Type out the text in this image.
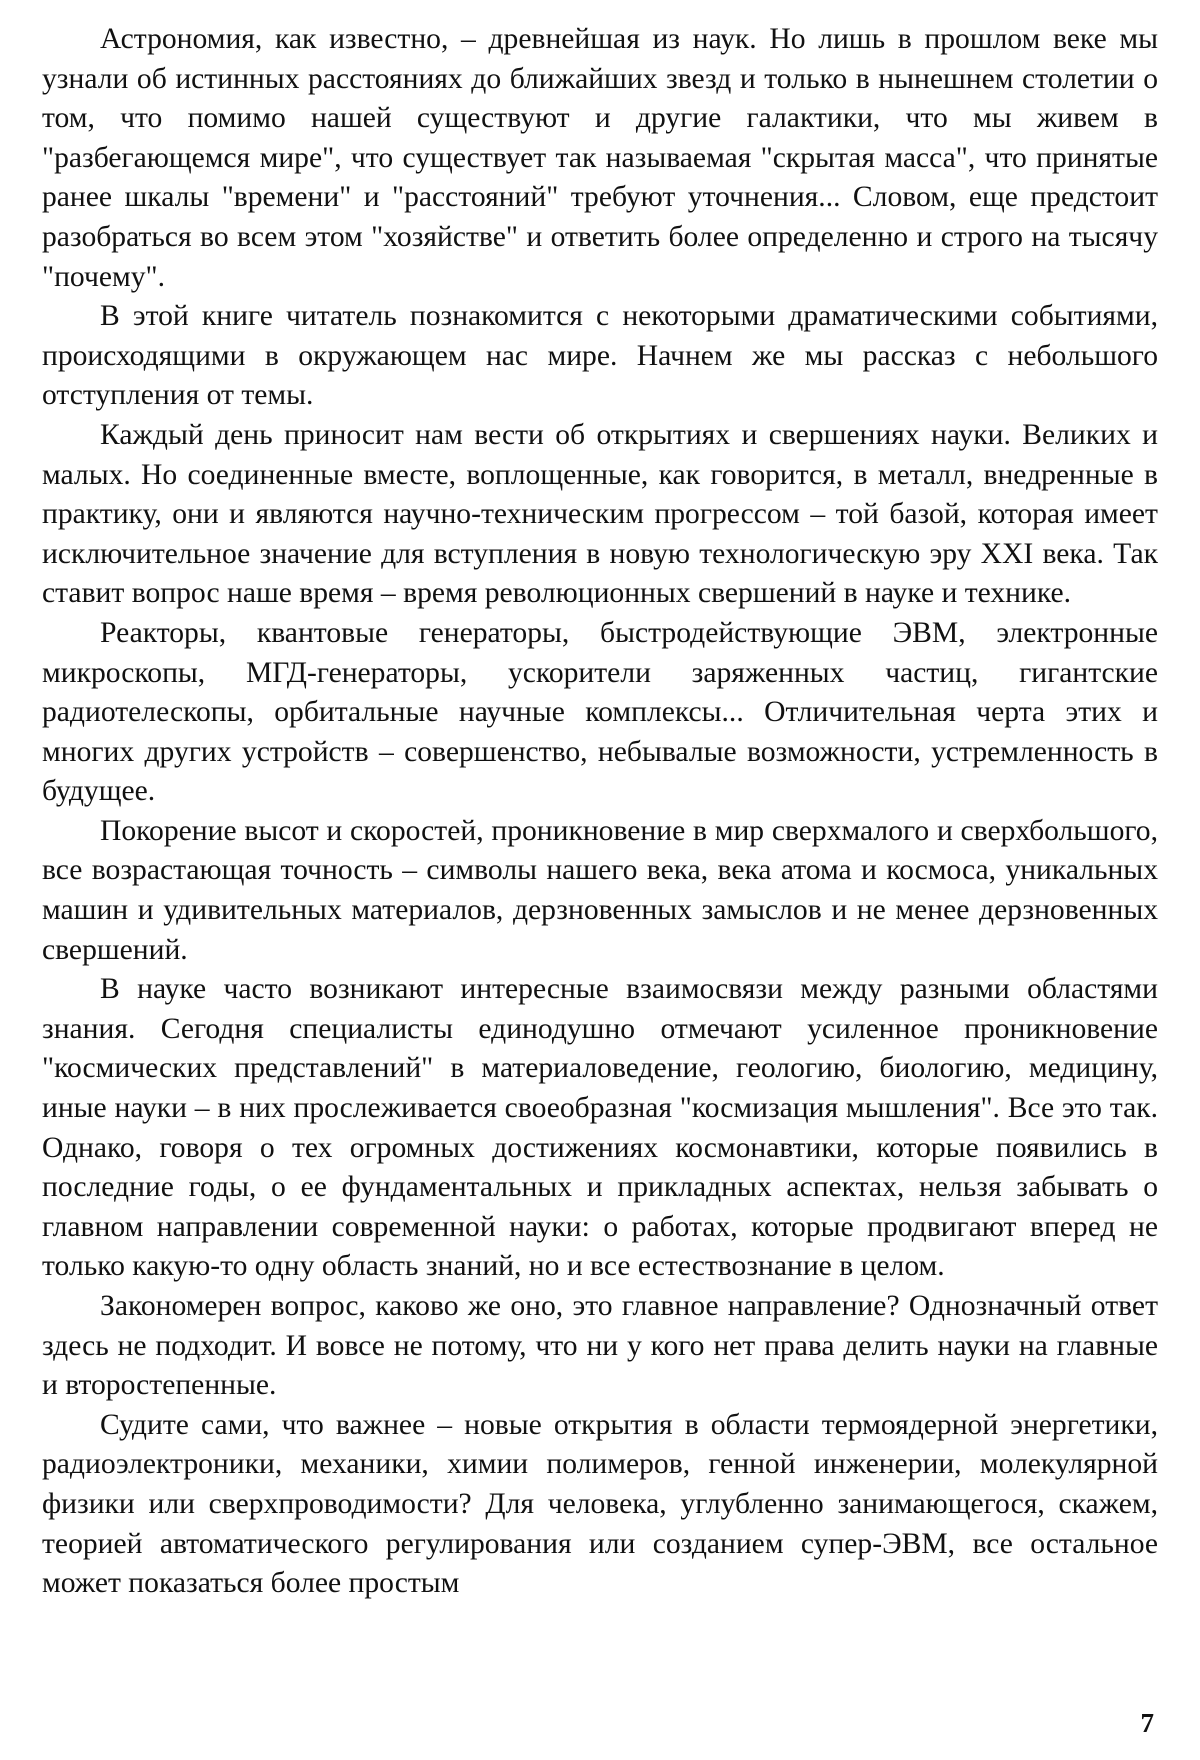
Астрономия, как известно, – древнейшая из наук. Но лишь в прошлом веке мы узнали об истинных расстояниях до ближайших звезд и только в нынешнем столетии о том, что помимо нашей существуют и другие галактики, что мы живем в "разбегающемся мире", что существует так называемая "скрытая масса", что принятые ранее шкалы "времени" и "расстояний" требуют уточнения... Словом, еще предстоит разобраться во всем этом "хозяйстве" и ответить более определенно и строго на тысячу "почему".

В этой книге читатель познакомится с некоторыми драматическими событиями, происходящими в окружающем нас мире. Начнем же мы рассказ с небольшого отступления от темы.

Каждый день приносит нам вести об открытиях и свершениях науки. Великих и малых. Но соединенные вместе, воплощенные, как говорится, в металл, внедренные в практику, они и являются научно-техническим прогрессом – той базой, которая имеет исключительное значение для вступления в новую технологическую эру XXI века. Так ставит вопрос наше время – время революционных свершений в науке и технике.

Реакторы, квантовые генераторы, быстродействующие ЭВМ, электронные микроскопы, МГД-генераторы, ускорители заряженных частиц, гигантские радиотелескопы, орбитальные научные комплексы... Отличительная черта этих и многих других устройств – совершенство, небывалые возможности, устремленность в будущее.

Покорение высот и скоростей, проникновение в мир сверхмалого и сверхбольшого, все возрастающая точность – символы нашего века, века атома и космоса, уникальных машин и удивительных материалов, дерзновенных замыслов и не менее дерзновенных свершений.

В науке часто возникают интересные взаимосвязи между разными областями знания. Сегодня специалисты единодушно отмечают усиленное проникновение "космических представлений" в материаловедение, геологию, биологию, медицину, иные науки – в них прослеживается своеобразная "космизация мышления". Все это так. Однако, говоря о тех огромных достижениях космонавтики, которые появились в последние годы, о ее фундаментальных и прикладных аспектах, нельзя забывать о главном направлении современной науки: о работах, которые продвигают вперед не только какую-то одну область знаний, но и все естествознание в целом.

Закономерен вопрос, каково же оно, это главное направление? Однозначный ответ здесь не подходит. И вовсе не потому, что ни у кого нет права делить науки на главные и второстепенные.

Судите сами, что важнее – новые открытия в области термоядерной энергетики, радиоэлектроники, механики, химии полимеров, генной инженерии, молекулярной физики или сверхпроводимости? Для человека, углубленно занимающегося, скажем, теорией автоматического регулирования или созданием супер-ЭВМ, все остальное может показаться более простым

7
